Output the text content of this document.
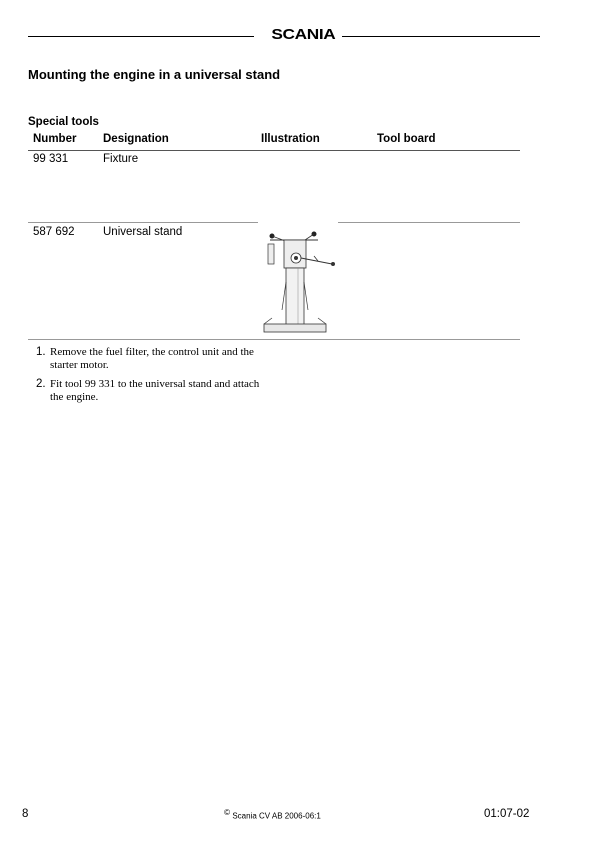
SCANIA
Mounting the engine in a universal stand
Special tools
Number Designation	Illustration	Tool board
99 331	Fixture
587 692 Universal stand
1. Remove the fuel filter, the control unit and the starter motor.
2. Fit tool 99 331 to the universal stand and attach the engine.
8	© Scania CV AB 2006-06:1	01:07-02
